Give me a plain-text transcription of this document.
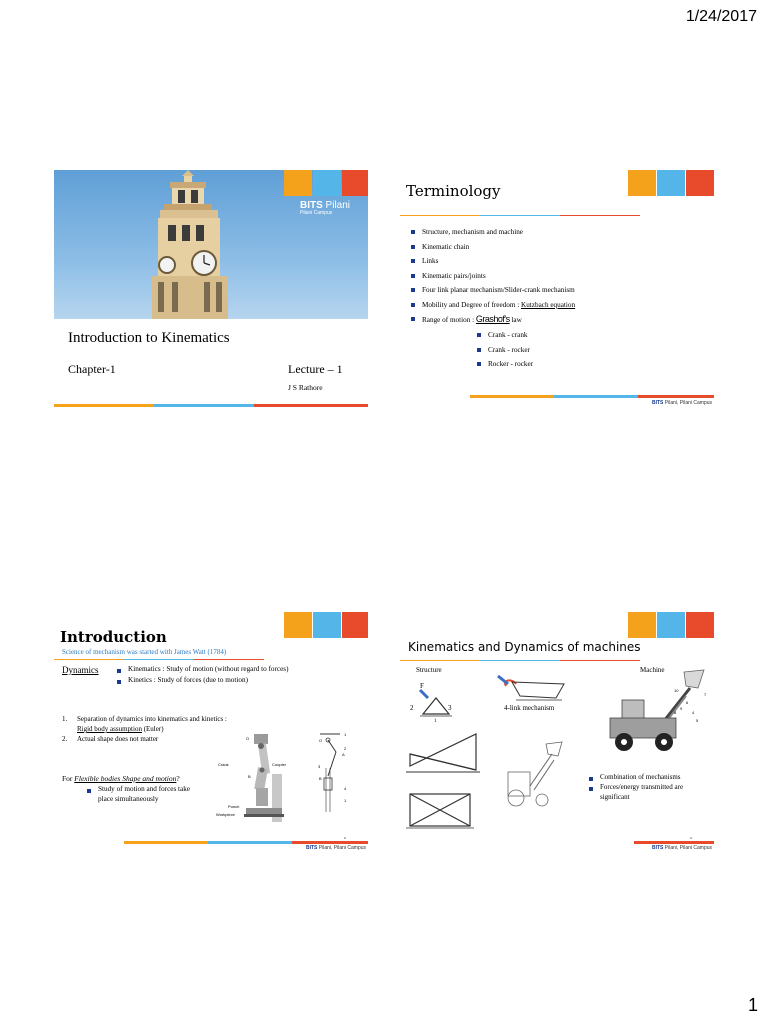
1/24/2017
BITS Pilani
Pilani Campus
Introduction to Kinematics
Chapter-1	Lecture – 1
J S Rathore
Terminology
Structure, mechanism and machine
Kinematic chain
Links
Kinematic pairs/joints
Four link planar mechanism/Slider-crank mechanism
Mobility and Degree of freedom : Kutzbach equation
Range of motion : Grashof's law
Crank - crank
Crank - rocker
Rocker - rocker
BITS Pilani, Pilani Campus
Introduction
Science of mechanism was started with James Watt (1784)
Dynamics	Kinematics : Study of motion (without regard to forces)
Kinetics : Study of forces (due to motion)
1. Separation of dynamics into kinematics and kinetics :
Rigid body assumption (Euler)
2. Actual shape does not matter
For Flexible bodies Shape and motion?
Study of motion and forces take place simultaneously
O
Crank	Coupler
B
Punch
Workpiece
O
1
2
A
3
B
4
1
3
BITS Pilani, Pilani Campus
Kinematics and Dynamics of machines
Structure	Machine
F
2	3
1
4-link mechanism
10
7
6
9
8	4
5
Combination of mechanisms
Forces/energy transmitted are significant
4
BITS Pilani, Pilani Campus
1
